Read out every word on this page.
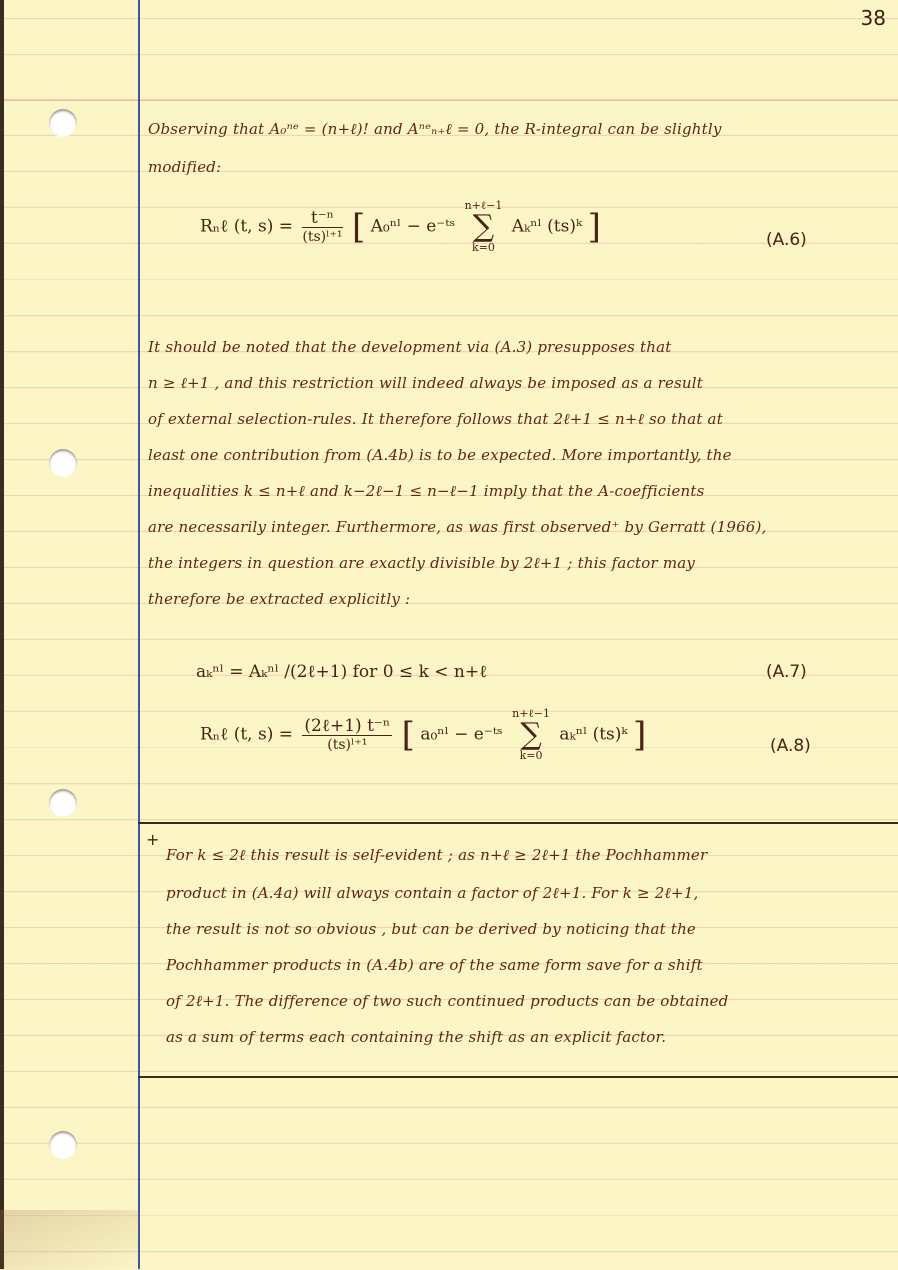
38
Observing that A₀ⁿᵉ = (n+ℓ)! and Aⁿᵉₙ₊ℓ = 0, the R-integral can be slightly
modified:
Rₙℓ (t, $s) = \frac{\text{t⁻ⁿ}}{\text{(ts)ˡ⁺¹}}$ [ A₀ⁿˡ − e⁻ᵗˢ
n+ℓ−1
∑
k=0
Aₖⁿˡ (ts)ᵏ ]	(A.6)
It should be noted that the development via (A.3) presupposes that
n ≥ ℓ+1 , and this restriction will indeed always be imposed as a result
of external selection-rules. It therefore follows that 2ℓ+1 ≤ n+ℓ so that at
least one contribution from (A.4b) is to be expected. More importantly, the
inequalities k ≤ n+ℓ and k−2ℓ−1 ≤ n−ℓ−1 imply that the A-coefficients
are necessarily integer. Furthermore, as was first observed⁺ by Gerratt (1966),
the integers in question are exactly divisible by 2ℓ+1 ; this factor may
therefore be extracted explicitly :
aₖⁿˡ = Aₖⁿˡ /(2ℓ+1) for 0 ≤ k < n+ℓ	(A.7)
Rₙℓ (t, $s) = \frac{\text{(2ℓ+1) t⁻ⁿ}}{\text{(ts)ˡ⁺¹}}$ [ a₀ⁿˡ − e⁻ᵗˢ
n+ℓ−1
∑
k=0
aₖⁿˡ (ts)ᵏ ]	(A.8)
+
For k ≤ 2ℓ this result is self-evident ; as n+ℓ ≥ 2ℓ+1 the Pochhammer
product in (A.4a) will always contain a factor of 2ℓ+1. For k ≥ 2ℓ+1,
the result is not so obvious , but can be derived by noticing that the
Pochhammer products in (A.4b) are of the same form save for a shift
of 2ℓ+1. The difference of two such continued products can be obtained
as a sum of terms each containing the shift as an explicit factor.
